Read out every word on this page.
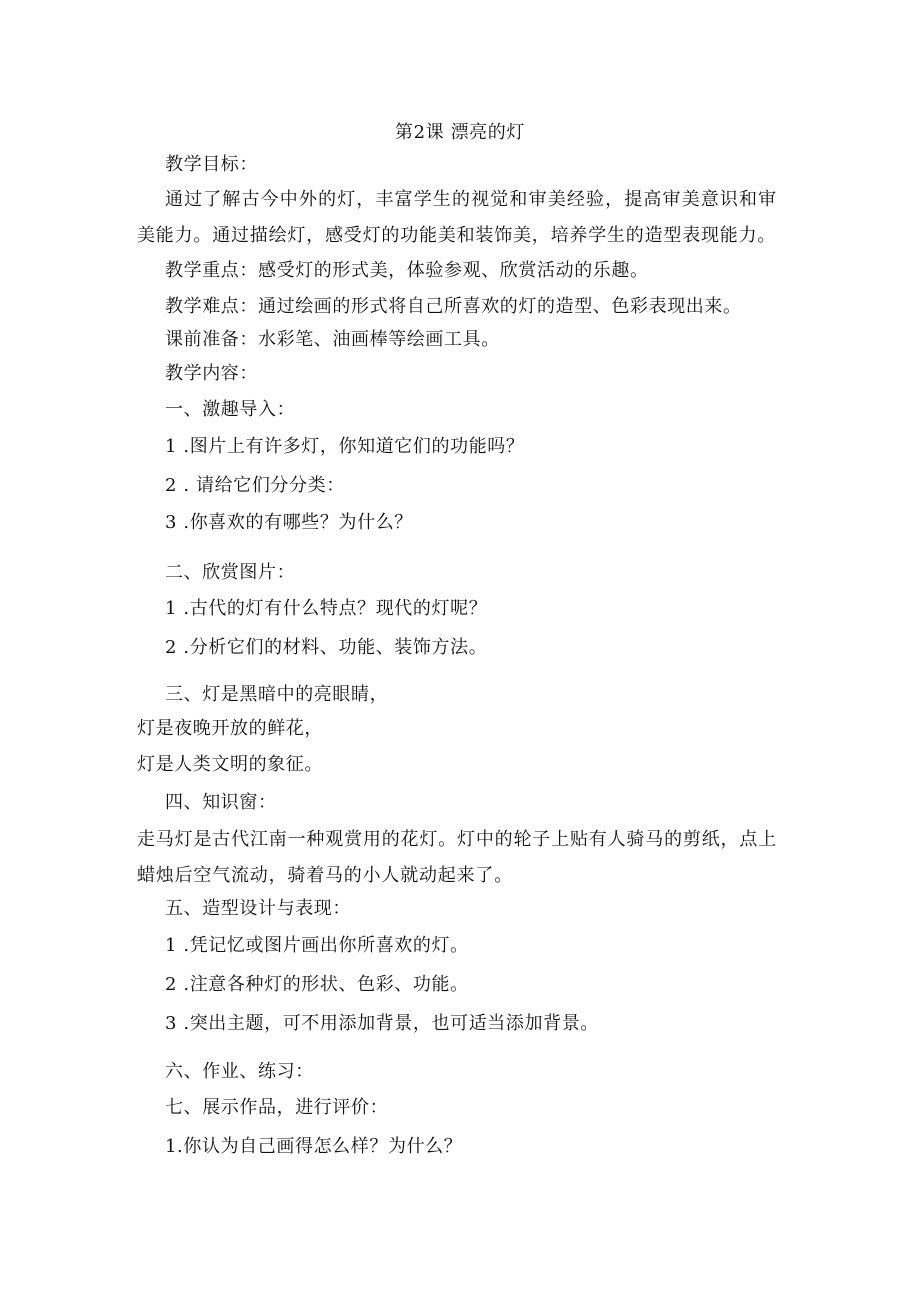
第2课 漂亮的灯
教学目标：
通过了解古今中外的灯，丰富学生的视觉和审美经验，提高审美意识和审美能力。通过描绘灯，感受灯的功能美和装饰美，培养学生的造型表现能力。
教学重点：感受灯的形式美，体验参观、欣赏活动的乐趣。
教学难点：通过绘画的形式将自己所喜欢的灯的造型、色彩表现出来。
课前准备：水彩笔、油画棒等绘画工具。
教学内容：
一、激趣导入：
1 .图片上有许多灯，你知道它们的功能吗？
2 . 请给它们分分类：
3 .你喜欢的有哪些？为什么？
二、欣赏图片：
1 .古代的灯有什么特点？现代的灯呢？
2 .分析它们的材料、功能、装饰方法。
三、灯是黑暗中的亮眼睛，
灯是夜晚开放的鲜花，
灯是人类文明的象征。
四、知识窗：
走马灯是古代江南一种观赏用的花灯。灯中的轮子上贴有人骑马的剪纸，点上蜡烛后空气流动，骑着马的小人就动起来了。
五、造型设计与表现：
1 .凭记忆或图片画出你所喜欢的灯。
2 .注意各种灯的形状、色彩、功能。
3 .突出主题，可不用添加背景，也可适当添加背景。
六、作业、练习：
七、展示作品，进行评价：
1.你认为自己画得怎么样？为什么？
